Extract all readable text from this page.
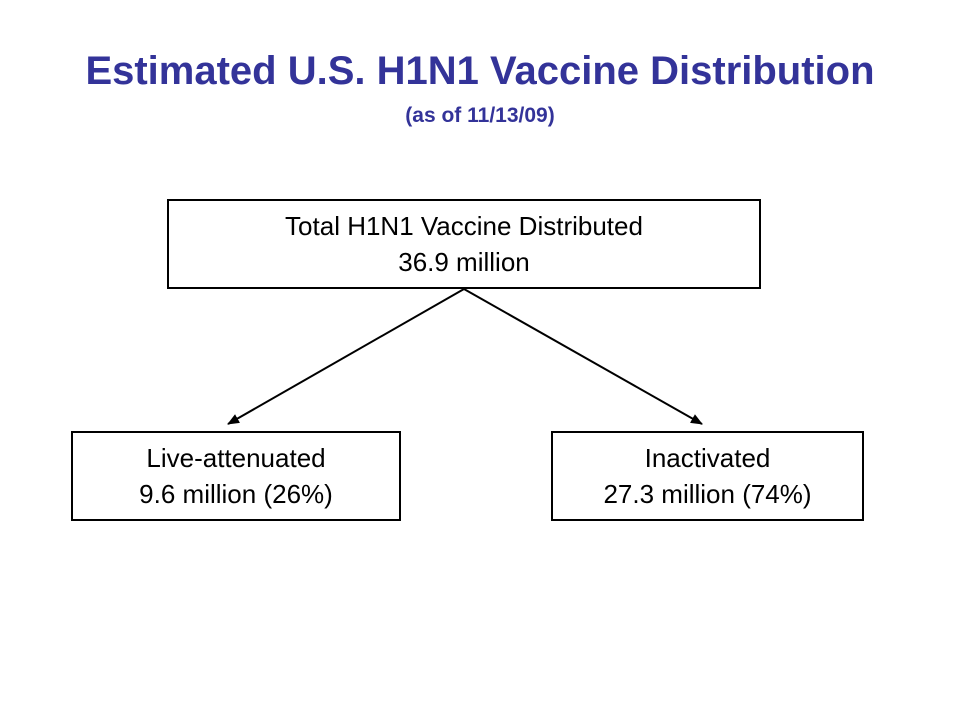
Estimated U.S. H1N1 Vaccine Distribution
(as of 11/13/09)
Total H1N1 Vaccine Distributed
36.9 million
Live-attenuated
9.6 million (26%)
Inactivated
27.3 million (74%)
